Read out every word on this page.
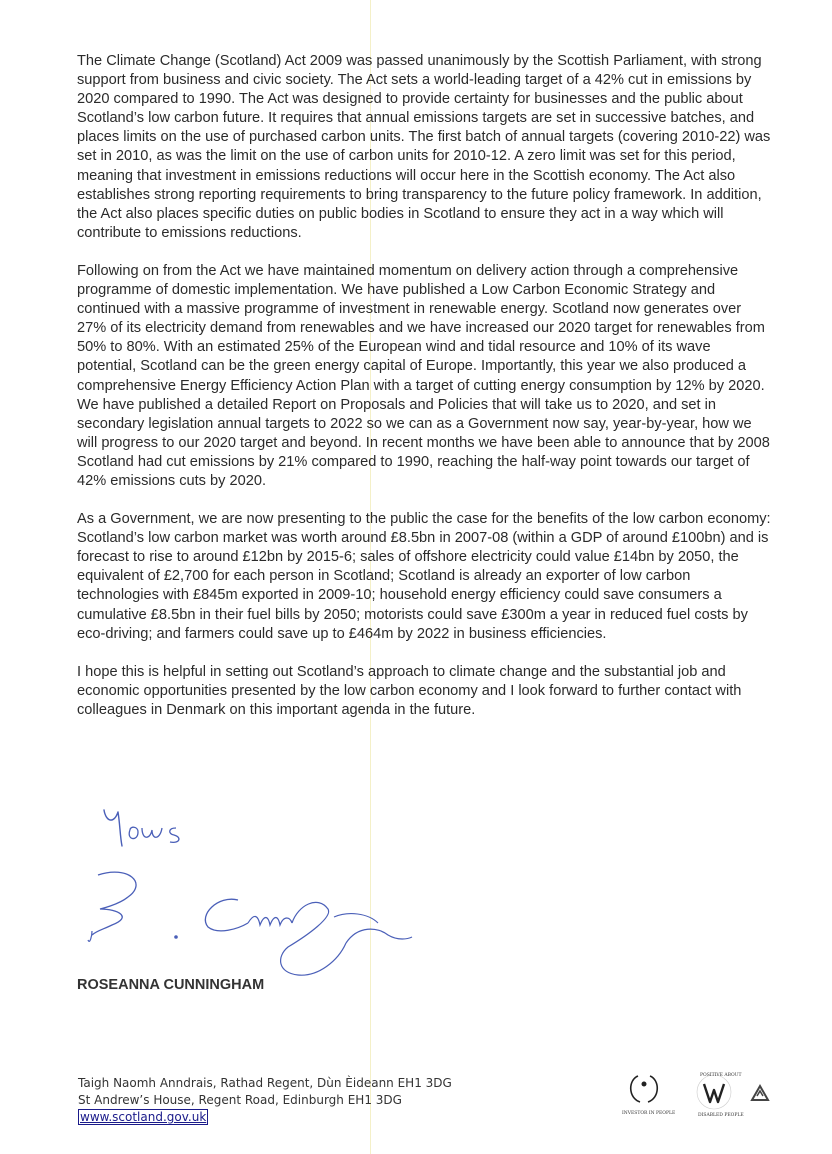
The Climate Change (Scotland) Act 2009 was passed unanimously by the Scottish Parliament, with strong support from business and civic society. The Act sets a world-leading target of a 42% cut in emissions by 2020 compared to 1990. The Act was designed to provide certainty for businesses and the public about Scotland’s low carbon future. It requires that annual emissions targets are set in successive batches, and places limits on the use of purchased carbon units. The first batch of annual targets (covering 2010-22) was set in 2010, as was the limit on the use of carbon units for 2010-12. A zero limit was set for this period, meaning that investment in emissions reductions will occur here in the Scottish economy. The Act also establishes strong reporting requirements to bring transparency to the future policy framework. In addition, the Act also places specific duties on public bodies in Scotland to ensure they act in a way which will contribute to emissions reductions.

Following on from the Act we have maintained momentum on delivery action through a comprehensive programme of domestic implementation. We have published a Low Carbon Economic Strategy and continued with a massive programme of investment in renewable energy. Scotland now generates over 27% of its electricity demand from renewables and we have increased our 2020 target for renewables from 50% to 80%. With an estimated 25% of the European wind and tidal resource and 10% of its wave potential, Scotland can be the green energy capital of Europe. Importantly, this year we also produced a comprehensive Energy Efficiency Action Plan with a target of cutting energy consumption by 12% by 2020. We have published a detailed Report on Proposals and Policies that will take us to 2020, and set in secondary legislation annual targets to 2022 so we can as a Government now say, year-by-year, how we will progress to our 2020 target and beyond. In recent months we have been able to announce that by 2008 Scotland had cut emissions by 21% compared to 1990, reaching the half-way point towards our target of 42% emissions cuts by 2020.

As a Government, we are now presenting to the public the case for the benefits of the low carbon economy: Scotland’s low carbon market was worth around £8.5bn in 2007-08 (within a GDP of around £100bn) and is forecast to rise to around £12bn by 2015-6; sales of offshore electricity could value £14bn by 2050, the equivalent of £2,700 for each person in Scotland; Scotland is already an exporter of low carbon technologies with £845m exported in 2009-10; household energy efficiency could save consumers a cumulative £8.5bn in their fuel bills by 2050; motorists could save £300m a year in reduced fuel costs by eco-driving; and farmers could save up to £464m by 2022 in business efficiencies.

I hope this is helpful in setting out Scotland’s approach to climate change and the substantial job and economic opportunities presented by the low carbon economy and I look forward to further contact with colleagues in Denmark on this important agenda in the future.

ROSEANNA CUNNINGHAM
Taigh Naomh Anndrais, Rathad Regent, Dùn Èideann EH1 3DG
St Andrew’s House, Regent Road, Edinburgh EH1 3DG
www.scotland.gov.uk	INVESTOR IN PEOPLE
POSITIVE ABOUT
DISABLED PEOPLE
